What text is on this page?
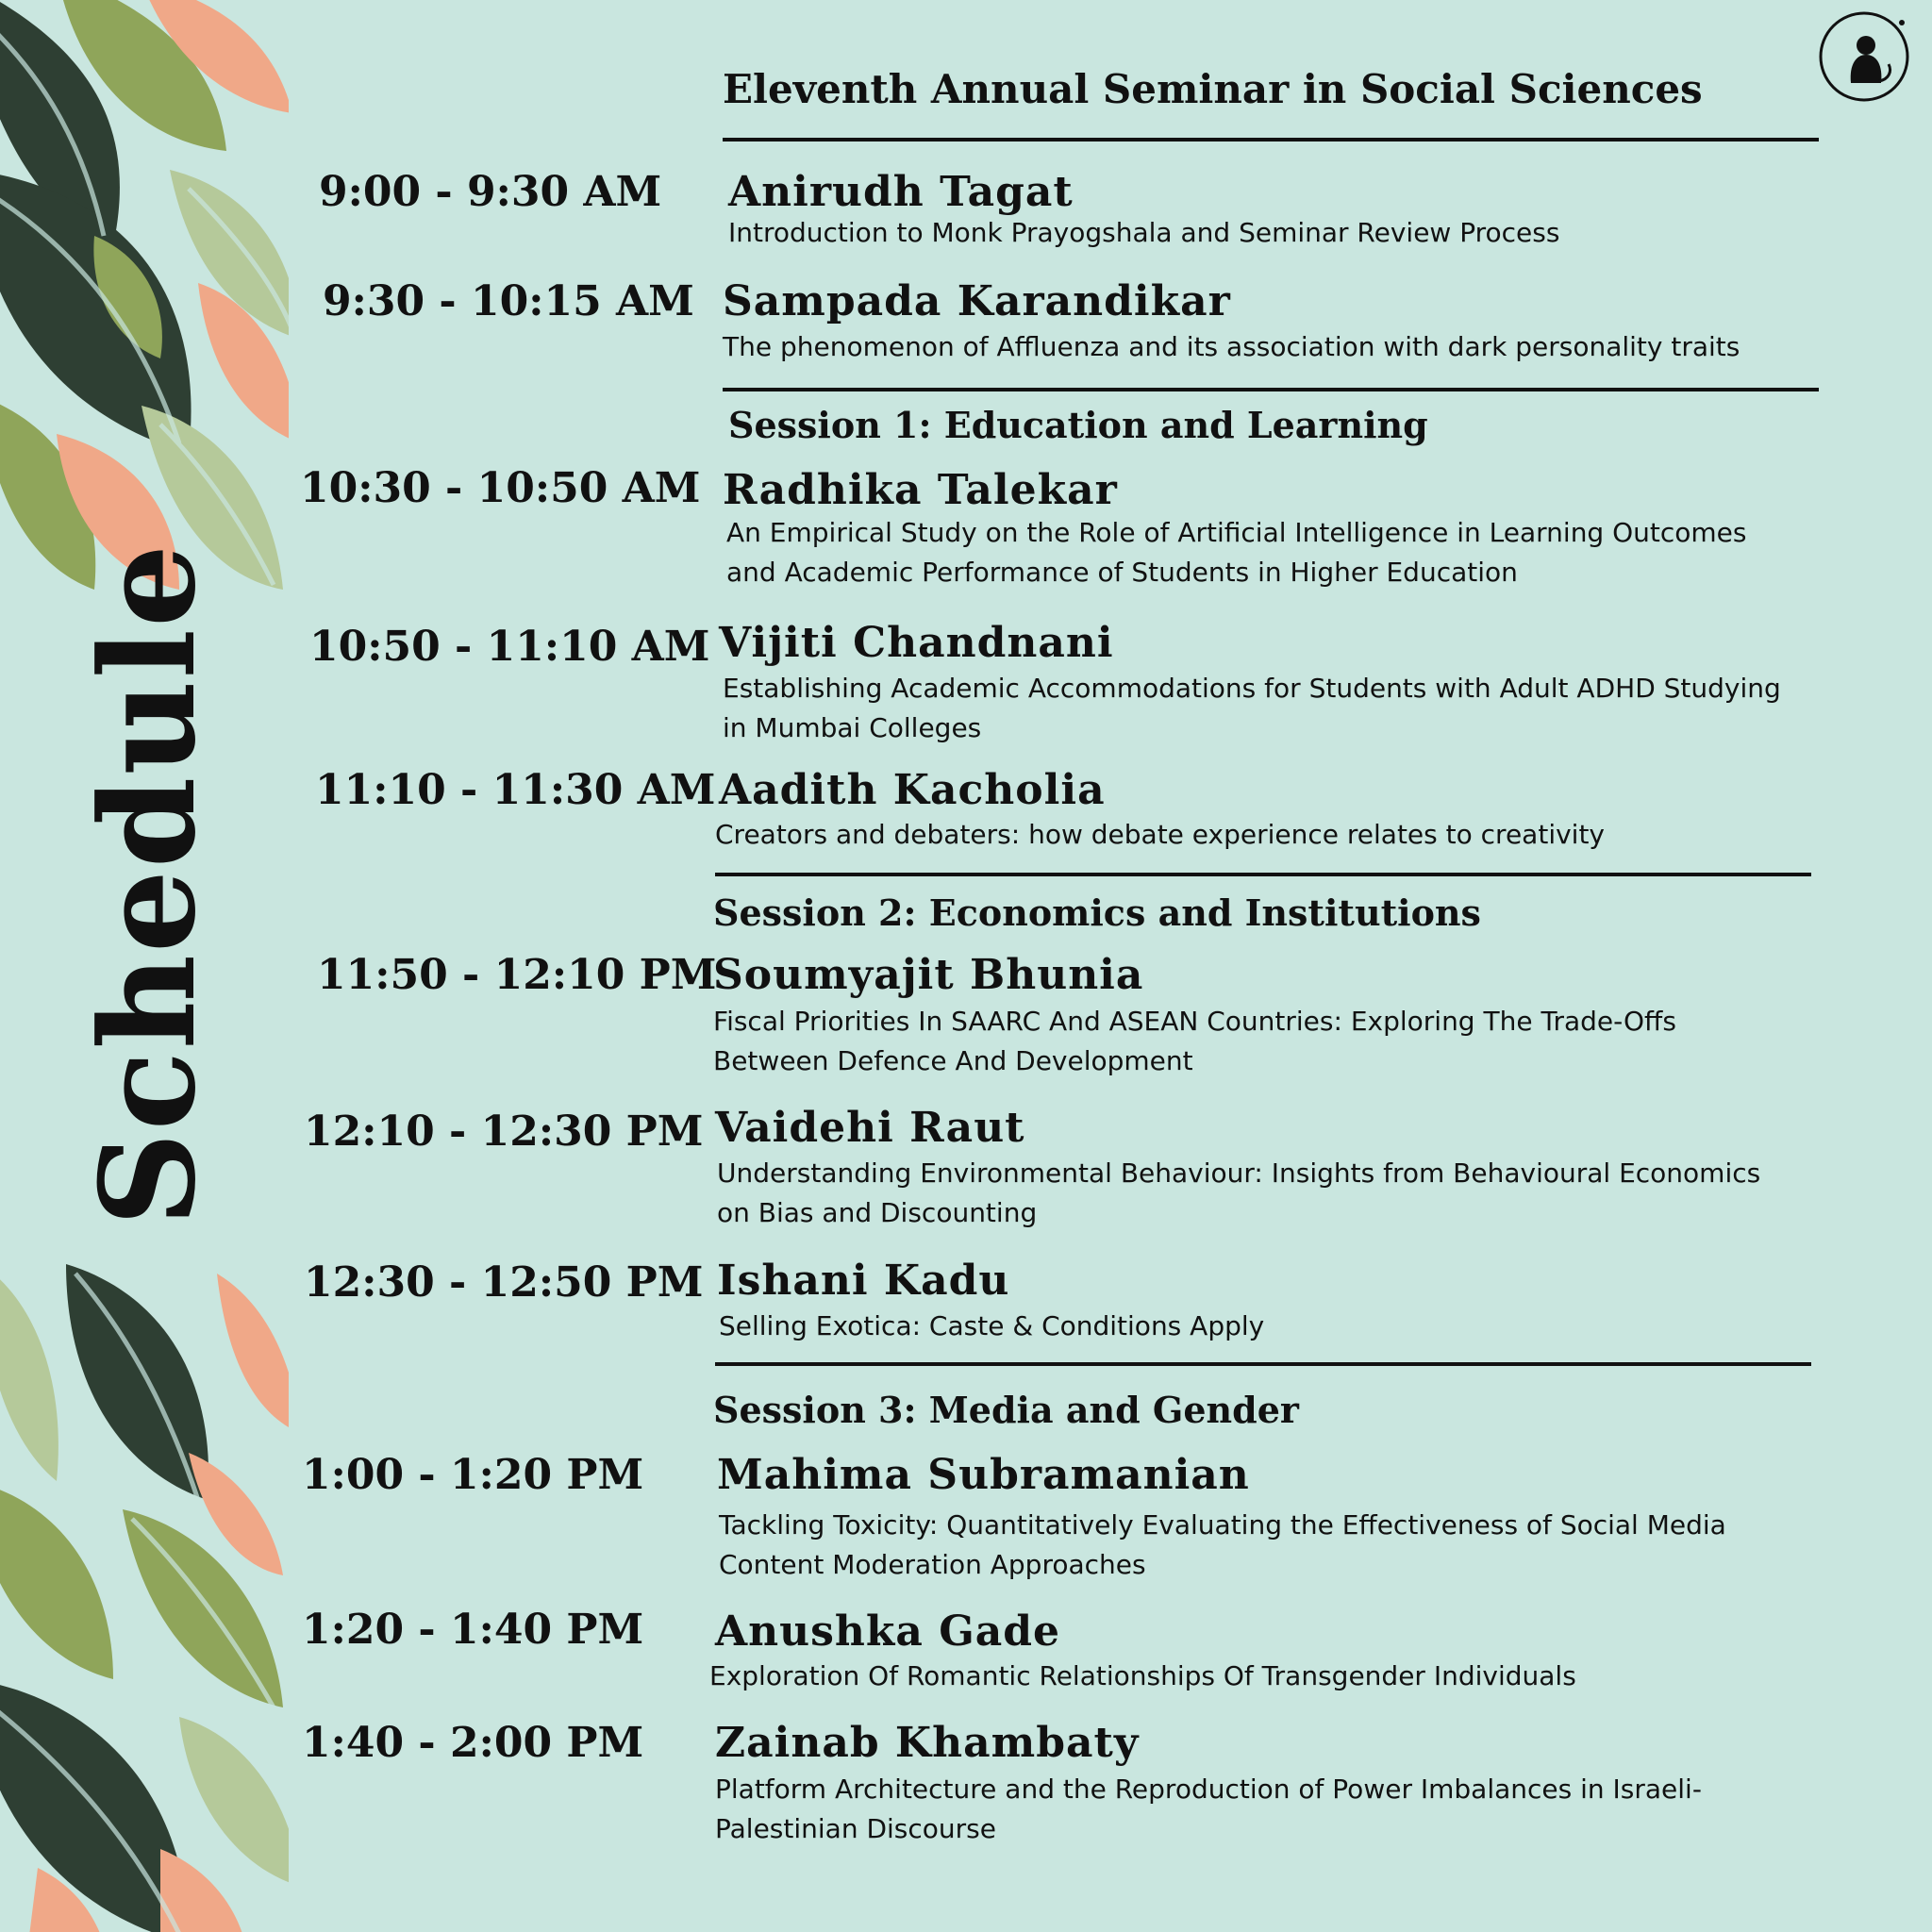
Schedule
Eleventh Annual Seminar in Social Sciences
9:00 - 9:30 AM Anirudh Tagat
Introduction to Monk Prayogshala and Seminar Review Process
9:30 - 10:15 AM Sampada Karandikar
The phenomenon of Affluenza and its association with dark personality traits
Session 1: Education and Learning
10:30 - 10:50 AM Radhika Talekar
An Empirical Study on the Role of Artificial Intelligence in Learning Outcomes
and Academic Performance of Students in Higher Education
10:50 - 11:10 AM Vijiti Chandnani
Establishing Academic Accommodations for Students with Adult ADHD Studying
in Mumbai Colleges
11:10 - 11:30 AM Aadith Kacholia
Creators and debaters: how debate experience relates to creativity
Session 2: Economics and Institutions
11:50 - 12:10 PM
Soumyajit Bhunia
Fiscal Priorities In SAARC And ASEAN Countries: Exploring The Trade-Offs
Between Defence And Development
12:10 - 12:30 PM Vaidehi Raut
Understanding Environmental Behaviour: Insights from Behavioural Economics
on Bias and Discounting
12:30 - 12:50 PM Ishani Kadu
Selling Exotica: Caste & Conditions Apply
Session 3: Media and Gender
1:00 - 1:20 PM Mahima Subramanian
Tackling Toxicity: Quantitatively Evaluating the Effectiveness of Social Media
Content Moderation Approaches
1:20 - 1:40 PM Anushka Gade
Exploration Of Romantic Relationships Of Transgender Individuals
1:40 - 2:00 PM Zainab Khambaty
Platform Architecture and the Reproduction of Power Imbalances in Israeli-
Palestinian Discourse
